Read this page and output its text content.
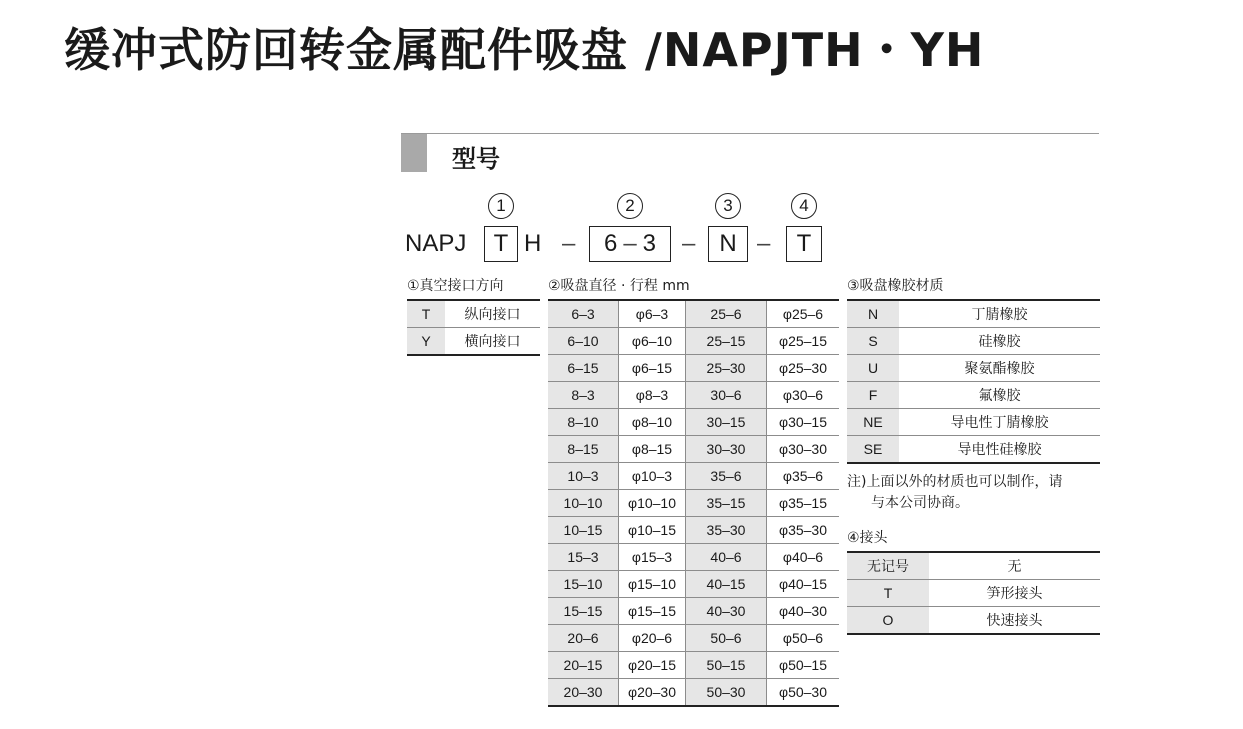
缓冲式防回转金属配件吸盘 /NAPJTH・YH
型号
1	2	3	4
NAPJ	T H –	6 – 3	– N –	T
①真空接口方向
T	纵向接口
Y	横向接口
②吸盘直径 · 行程 mm
6–3	φ6–3	25–6	φ25–6
6–10	φ6–10	25–15	φ25–15
6–15	φ6–15	25–30	φ25–30
8–3	φ8–3	30–6	φ30–6
8–10	φ8–10	30–15	φ30–15
8–15	φ8–15	30–30	φ30–30
10–3	φ10–3	35–6	φ35–6
10–10	φ10–10	35–15	φ35–15
10–15	φ10–15	35–30	φ35–30
15–3	φ15–3	40–6	φ40–6
15–10	φ15–10	40–15	φ40–15
15–15	φ15–15	40–30	φ40–30
20–6	φ20–6	50–6	φ50–6
20–15	φ20–15	50–15	φ50–15
20–30	φ20–30	50–30	φ50–30
③吸盘橡胶材质
N	丁腈橡胶
S	硅橡胶
U	聚氨酯橡胶
F	氟橡胶
NE	导电性丁腈橡胶
SE	导电性硅橡胶
注)上面以外的材质也可以制作，请
与本公司协商。
④接头
无记号	无
T	笋形接头
O	快速接头
